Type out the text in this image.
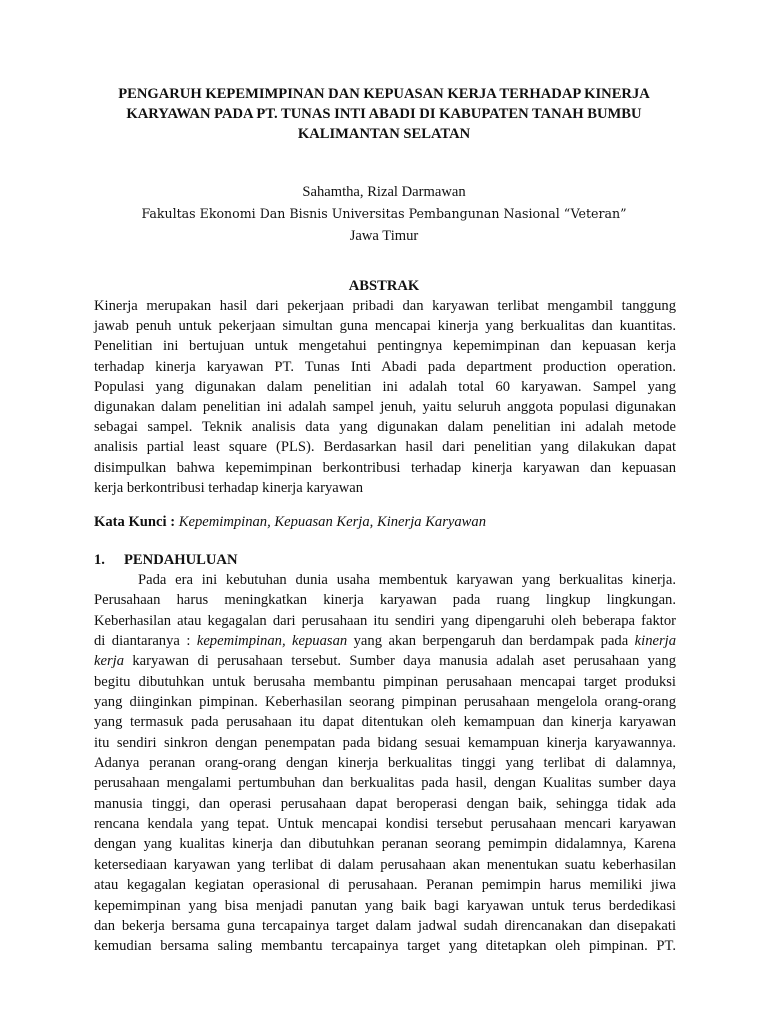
PENGARUH KEPEMIMPINAN DAN KEPUASAN KERJA TERHADAP KINERJA
KARYAWAN PADA PT. TUNAS INTI ABADI DI KABUPATEN TANAH BUMBU
KALIMANTAN SELATAN
Sahamtha, Rizal Darmawan
Fakultas Ekonomi Dan Bisnis Universitas Pembangunan Nasional “Veteran”
Jawa Timur
ABSTRAK
Kinerja merupakan hasil dari pekerjaan pribadi dan karyawan terlibat mengambil tanggung
jawab penuh untuk pekerjaan simultan guna mencapai kinerja yang berkualitas dan kuantitas.
Penelitian ini bertujuan untuk mengetahui pentingnya kepemimpinan dan kepuasan kerja
terhadap kinerja karyawan PT. Tunas Inti Abadi pada department production operation.
Populasi yang digunakan dalam penelitian ini adalah total 60 karyawan. Sampel yang
digunakan dalam penelitian ini adalah sampel jenuh, yaitu seluruh anggota populasi digunakan
sebagai sampel. Teknik analisis data yang digunakan dalam penelitian ini adalah metode
analisis partial least square (PLS). Berdasarkan hasil dari penelitian yang dilakukan dapat
disimpulkan bahwa kepemimpinan berkontribusi terhadap kinerja karyawan dan kepuasan
kerja berkontribusi terhadap kinerja karyawan
Kata Kunci : Kepemimpinan, Kepuasan Kerja, Kinerja Karyawan
1. PENDAHULUAN
Pada era ini kebutuhan dunia usaha membentuk karyawan yang berkualitas kinerja.
Perusahaan harus meningkatkan kinerja karyawan pada ruang lingkup lingkungan.
Keberhasilan atau kegagalan dari perusahaan itu sendiri yang dipengaruhi oleh beberapa faktor
di diantaranya : kepemimpinan, kepuasan yang akan berpengaruh dan berdampak pada kinerja
kerja karyawan di perusahaan tersebut. Sumber daya manusia adalah aset perusahaan yang
begitu dibutuhkan untuk berusaha membantu pimpinan perusahaan mencapai target produksi
yang diinginkan pimpinan. Keberhasilan seorang pimpinan perusahaan mengelola orang-orang
yang termasuk pada perusahaan itu dapat ditentukan oleh kemampuan dan kinerja karyawan
itu sendiri sinkron dengan penempatan pada bidang sesuai kemampuan kinerja karyawannya.
Adanya peranan orang-orang dengan kinerja berkualitas tinggi yang terlibat di dalamnya,
perusahaan mengalami pertumbuhan dan berkualitas pada hasil, dengan Kualitas sumber daya
manusia tinggi, dan operasi perusahaan dapat beroperasi dengan baik, sehingga tidak ada
rencana kendala yang tepat. Untuk mencapai kondisi tersebut perusahaan mencari karyawan
dengan yang kualitas kinerja dan dibutuhkan peranan seorang pemimpin didalamnya, Karena
ketersediaan karyawan yang terlibat di dalam perusahaan akan menentukan suatu keberhasilan
atau kegagalan kegiatan operasional di perusahaan. Peranan pemimpin harus memiliki jiwa
kepemimpinan yang bisa menjadi panutan yang baik bagi karyawan untuk terus berdedikasi
dan bekerja bersama guna tercapainya target dalam jadwal sudah direncanakan dan disepakati
kemudian bersama saling membantu tercapainya target yang ditetapkan oleh pimpinan. PT.
